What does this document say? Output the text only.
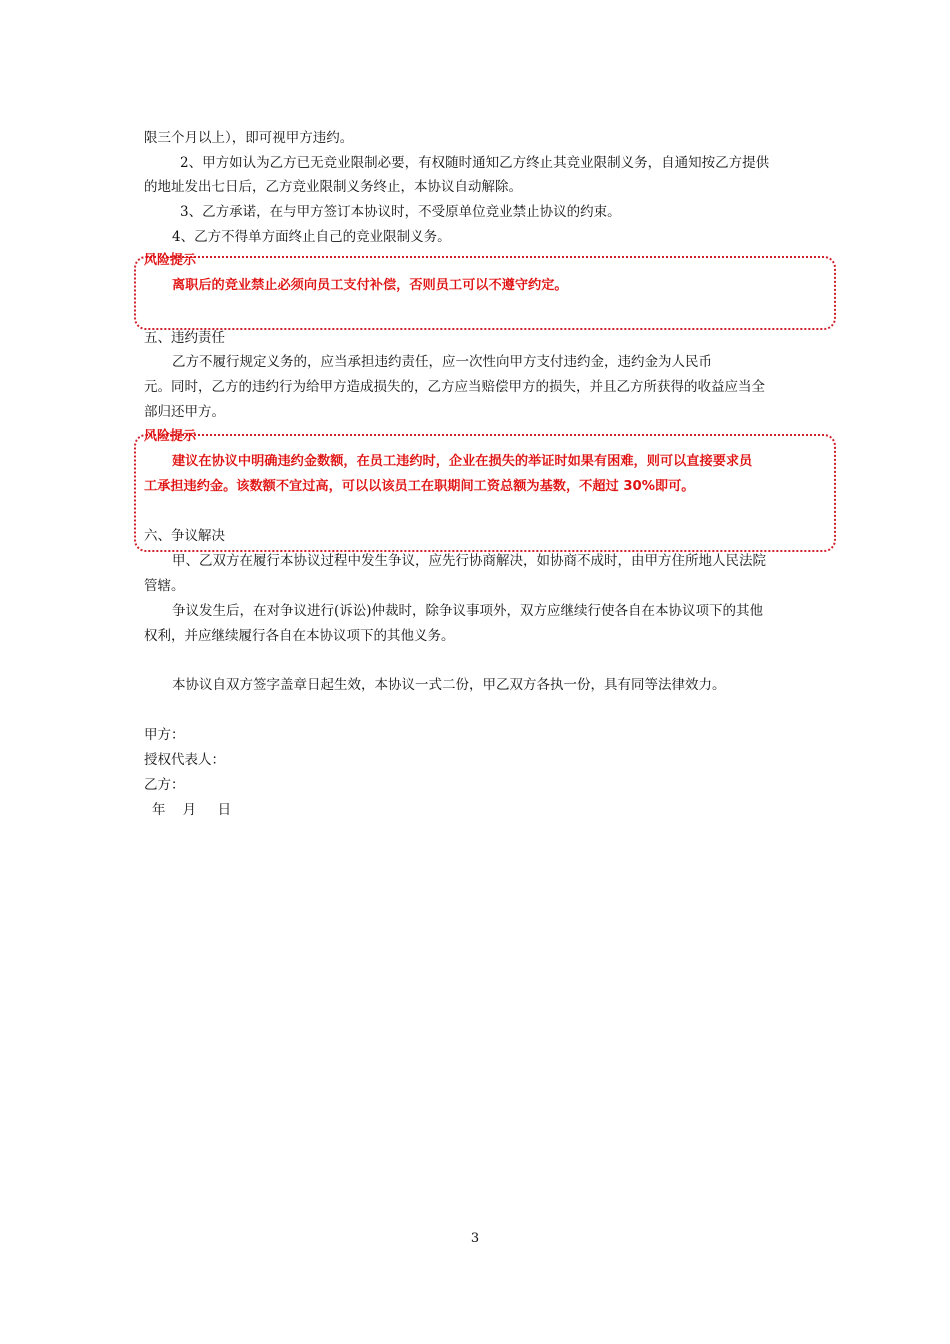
限三个月以上），即可视甲方违约。
2、甲方如认为乙方已无竞业限制必要，有权随时通知乙方终止其竞业限制义务，自通知按乙方提供
的地址发出七日后，乙方竞业限制义务终止，本协议自动解除。
3、乙方承诺，在与甲方签订本协议时，不受原单位竞业禁止协议的约束。
4、乙方不得单方面终止自己的竞业限制义务。
风险提示
离职后的竞业禁止必须向员工支付补偿，否则员工可以不遵守约定。
五、违约责任
乙方不履行规定义务的，应当承担违约责任，应一次性向甲方支付违约金，违约金为人民币
元。同时，乙方的违约行为给甲方造成损失的，乙方应当赔偿甲方的损失，并且乙方所获得的收益应当全
部归还甲方。
风险提示
建议在协议中明确违约金数额，在员工违约时，企业在损失的举证时如果有困难，则可以直接要求员
工承担违约金。该数额不宜过高，可以以该员工在职期间工资总额为基数，不超过 30%即可。
六、争议解决
甲、乙双方在履行本协议过程中发生争议，应先行协商解决，如协商不成时，由甲方住所地人民法院
管辖。
争议发生后，在对争议进行(诉讼)仲裁时，除争议事项外，双方应继续行使各自在本协议项下的其他
权利，并应继续履行各自在本协议项下的其他义务。
本协议自双方签字盖章日起生效，本协议一式二份，甲乙双方各执一份，具有同等法律效力。
甲方：
授权代表人：
乙方：
年    月     日
3
